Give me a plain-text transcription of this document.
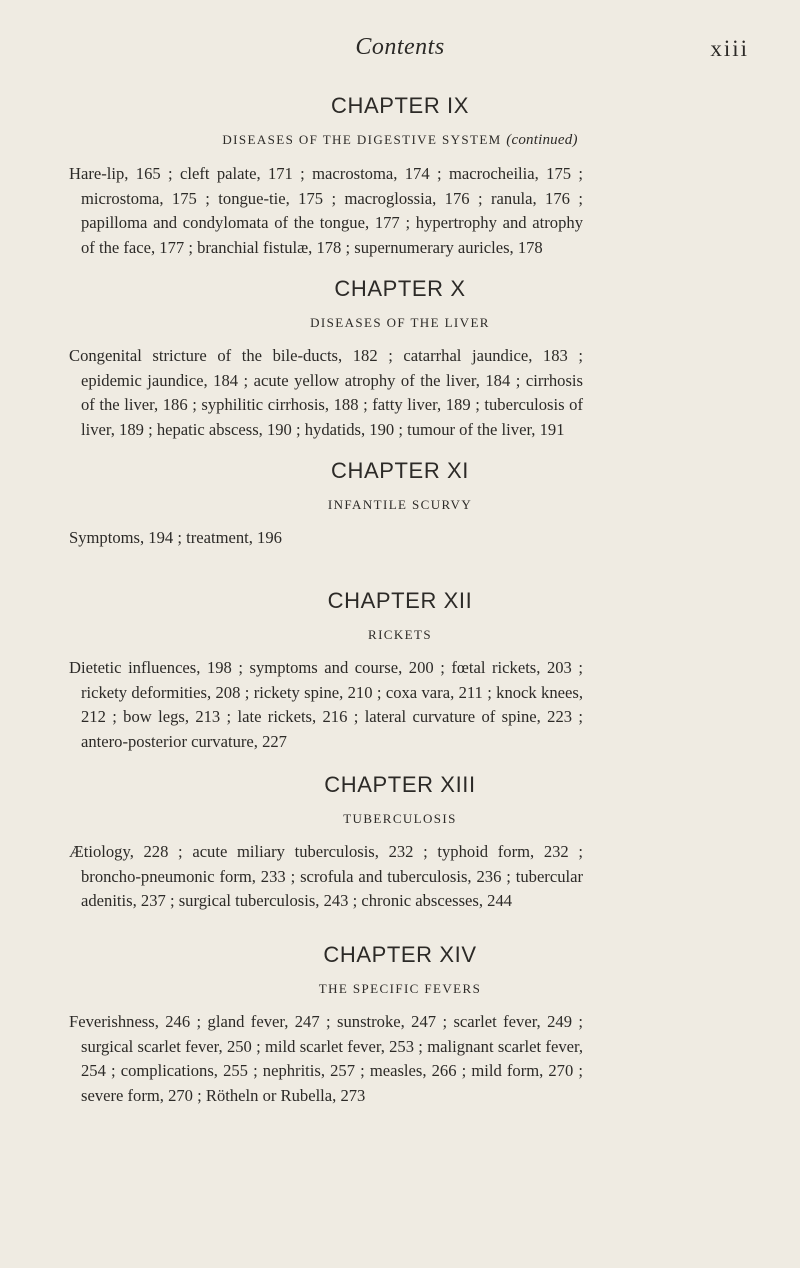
Contents	xiii
CHAPTER IX
DISEASES OF THE DIGESTIVE SYSTEM (continued)
Hare-lip, 165 ; cleft palate, 171 ; macrostoma, 174 ; macrocheilia, 175 ; microstoma, 175 ; tongue-tie, 175 ; macroglossia, 176 ; ranula, 176 ; papilloma and condylomata of the tongue, 177 ; hypertrophy and atrophy of the face, 177 ; branchial fistulæ, 178 ; supernumerary auricles, 178
CHAPTER X
DISEASES OF THE LIVER
Congenital stricture of the bile-ducts, 182 ; catarrhal jaundice, 183 ; epidemic jaundice, 184 ; acute yellow atrophy of the liver, 184 ; cirrhosis of the liver, 186 ; syphilitic cirrhosis, 188 ; fatty liver, 189 ; tuberculosis of liver, 189 ; hepatic abscess, 190 ; hydatids, 190 ; tumour of the liver, 191
CHAPTER XI
INFANTILE SCURVY
Symptoms, 194 ; treatment, 196
CHAPTER XII
RICKETS
Dietetic influences, 198 ; symptoms and course, 200 ; fœtal rickets, 203 ; rickety deformities, 208 ; rickety spine, 210 ; coxa vara, 211 ; knock knees, 212 ; bow legs, 213 ; late rickets, 216 ; lateral curvature of spine, 223 ; antero-posterior curvature, 227
CHAPTER XIII
TUBERCULOSIS
Ætiology, 228 ; acute miliary tuberculosis, 232 ; typhoid form, 232 ; broncho-pneumonic form, 233 ; scrofula and tuberculosis, 236 ; tubercular adenitis, 237 ; surgical tuberculosis, 243 ; chronic abscesses, 244
CHAPTER XIV
THE SPECIFIC FEVERS
Feverishness, 246 ; gland fever, 247 ; sunstroke, 247 ; scarlet fever, 249 ; surgical scarlet fever, 250 ; mild scarlet fever, 253 ; malignant scarlet fever, 254 ; complications, 255 ; nephritis, 257 ; measles, 266 ; mild form, 270 ; severe form, 270 ; Rötheln or Rubella, 273
